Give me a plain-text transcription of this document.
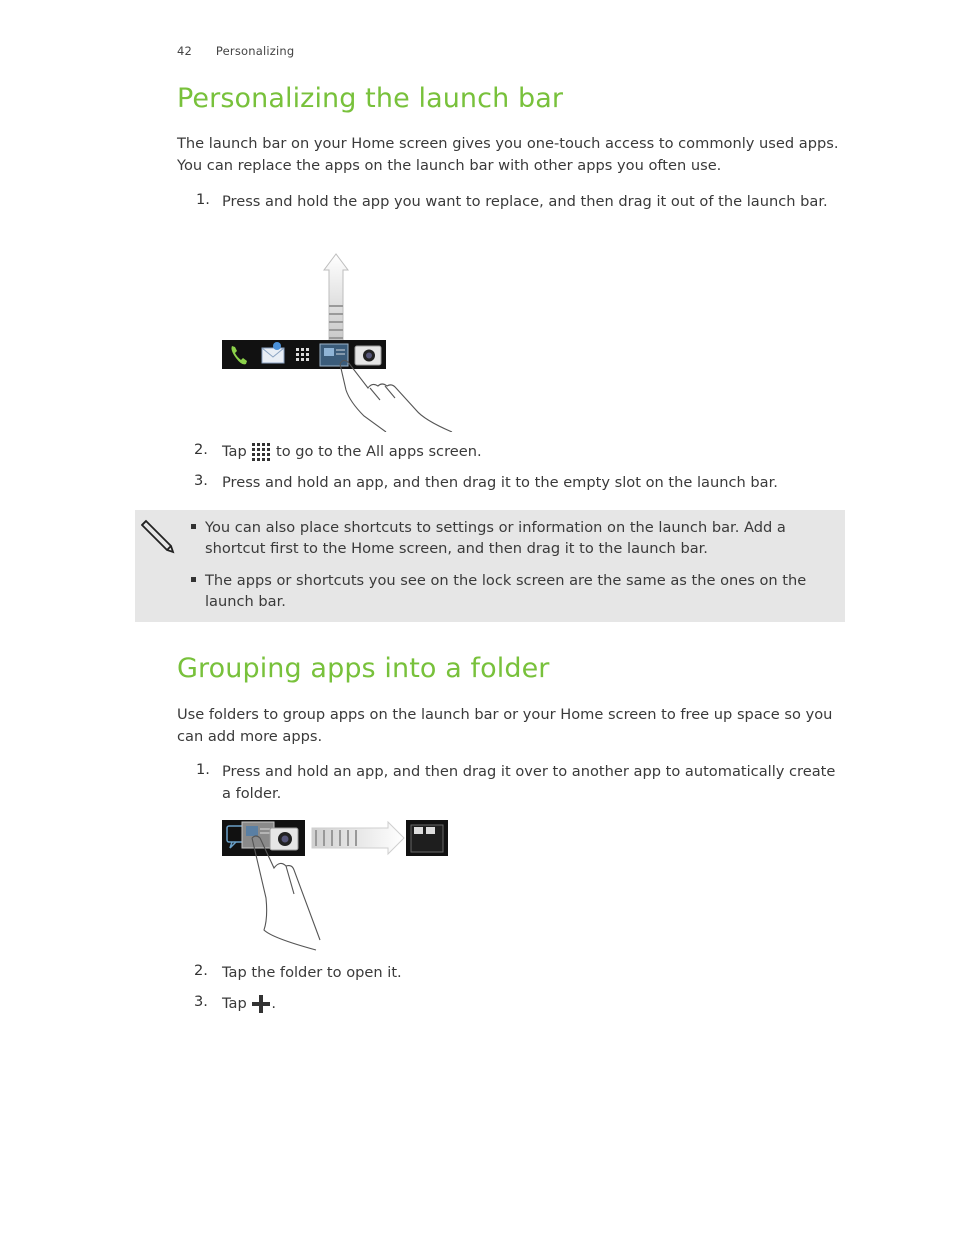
42 Personalizing
Personalizing the launch bar

The launch bar on your Home screen gives you one-touch access to commonly used apps. You can replace the apps on the launch bar with other apps you often use.

1. Press and hold the app you want to replace, and then drag it out of the launch bar.
2. Tap to go to the All apps screen.
3. Press and hold an app, and then drag it to the empty slot on the launch bar.
You can also place shortcuts to settings or information on the launch bar. Add a shortcut first to the Home screen, and then drag it to the launch bar.
The apps or shortcuts you see on the lock screen are the same as the ones on the launch bar.
Grouping apps into a folder

Use folders to group apps on the launch bar or your Home screen to free up space so you can add more apps.

1. Press and hold an app, and then drag it over to another app to automatically create a folder.
2. Tap the folder to open it.
3. Tap .
